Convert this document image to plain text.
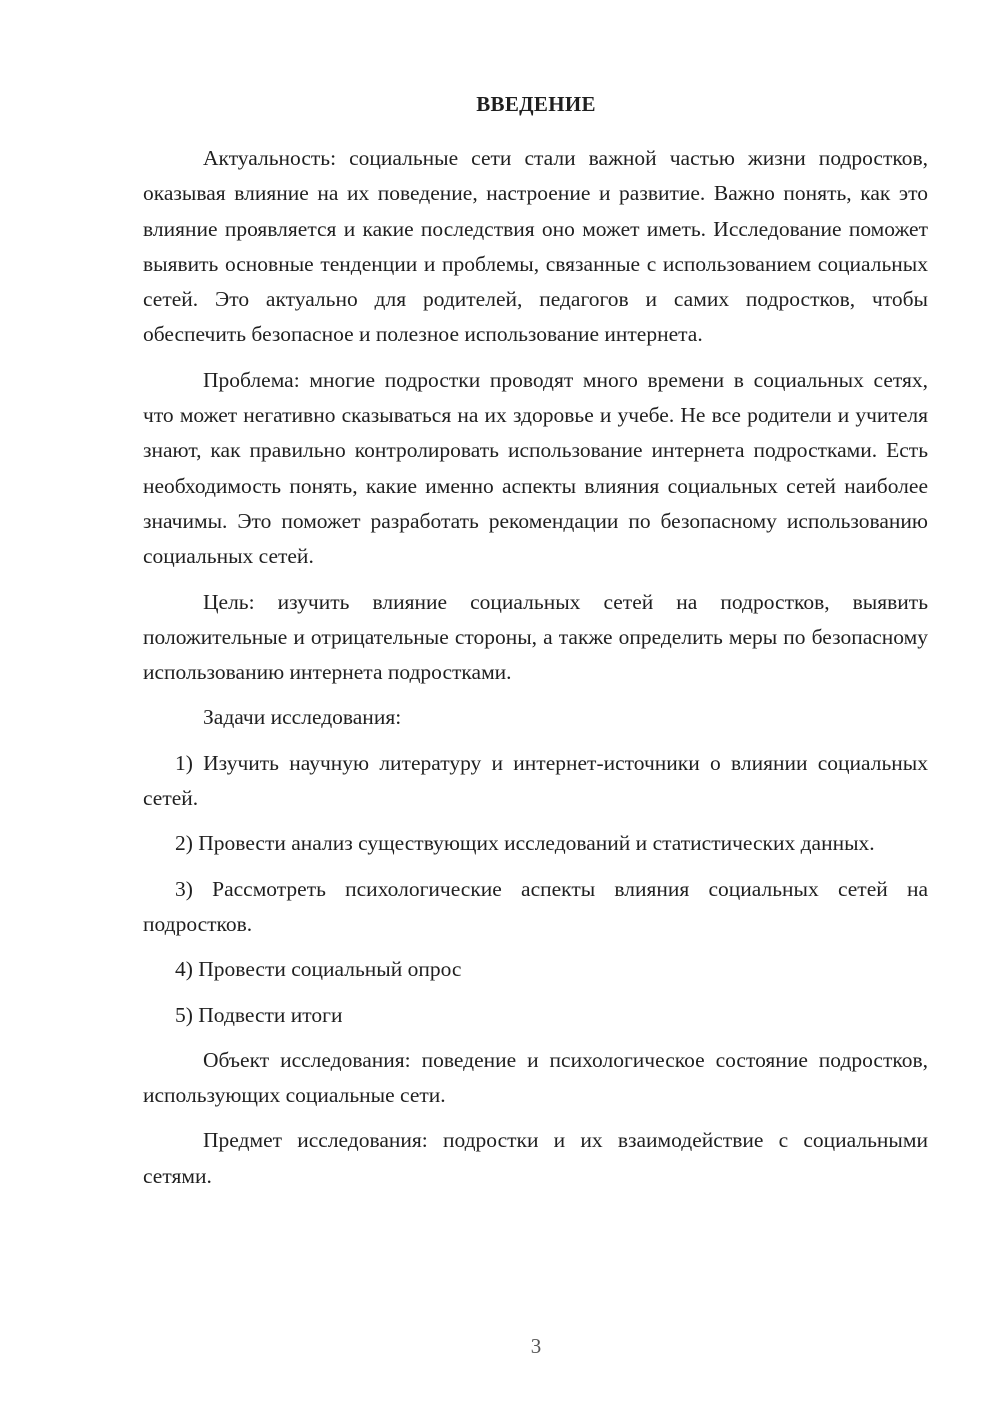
ВВЕДЕНИЕ

Актуальность: социальные сети стали важной частью жизни подростков, оказывая влияние на их поведение, настроение и развитие. Важно понять, как это влияние проявляется и какие последствия оно может иметь. Исследование поможет выявить основные тенденции и проблемы, связанные с использованием социальных сетей. Это актуально для родителей, педагогов и самих подростков, чтобы обеспечить безопасное и полезное использование интернета.

Проблема: многие подростки проводят много времени в социальных сетях, что может негативно сказываться на их здоровье и учебе. Не все родители и учителя знают, как правильно контролировать использование интернета подростками. Есть необходимость понять, какие именно аспекты влияния социальных сетей наиболее значимы. Это поможет разработать рекомендации по безопасному использованию социальных сетей.

Цель: изучить влияние социальных сетей на подростков, выявить положительные и отрицательные стороны, а также определить меры по безопасному использованию интернета подростками.

Задачи исследования:

1) Изучить научную литературу и интернет-источники о влиянии социальных сетей.

2) Провести анализ существующих исследований и статистических данных.

3) Рассмотреть психологические аспекты влияния социальных сетей на подростков.

4) Провести социальный опрос

5) Подвести итоги

Объект исследования: поведение и психологическое состояние подростков, использующих социальные сети.

Предмет исследования: подростки и их взаимодействие с социальными сетями.

3
